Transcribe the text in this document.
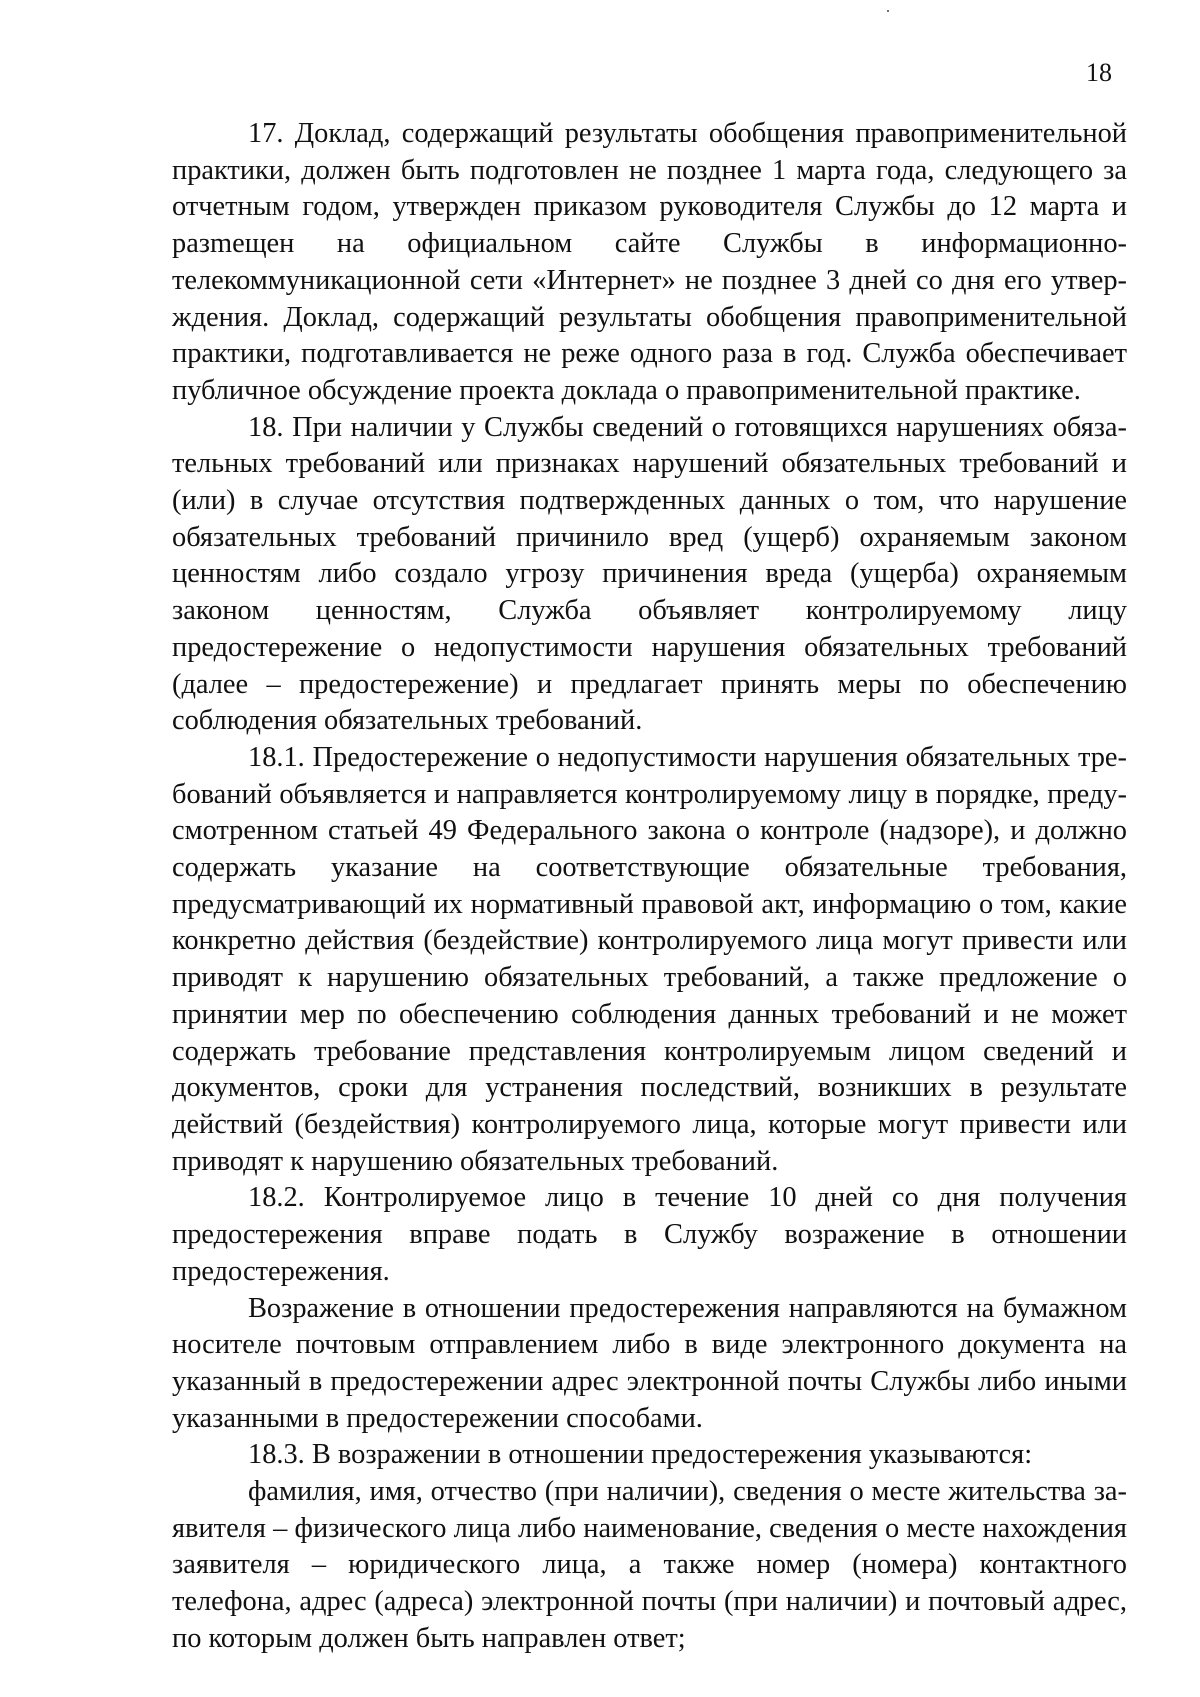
18

17. Доклад, содержащий результаты обобщения правоприменительной практики, должен быть подготовлен не позднее 1 марта года, следующего за отчетным годом, утвержден приказом руководителя Службы до 12 марта и разmещен на официальном сайте Службы в информационно-телекоммуникационной сети «Интернет» не позднее 3 дней со дня его утверждения. Доклад, содержащий результаты обобщения правоприменительной практики, подготавливается не реже одного раза в год. Служба обеспечивает публичное обсуждение проекта доклада о правоприменительной практике.

18. При наличии у Службы сведений о готовящихся нарушениях обязательных требований или признаках нарушений обязательных требований и (или) в случае отсутствия подтвержденных данных о том, что нарушение обязательных требований причинило вред (ущерб) охраняемым законом ценностям либо создало угрозу причинения вреда (ущерба) охраняемым законом ценностям, Служба объявляет контролируемому лицу предостережение о недопустимости нарушения обязательных требований (далее – предостережение) и предлагает принять меры по обеспечению соблюдения обязательных требований.

18.1. Предостережение о недопустимости нарушения обязательных требований объявляется и направляется контролируемому лицу в порядке, предусмотренном статьей 49 Федерального закона о контроле (надзоре), и должно содержать указание на соответствующие обязательные требования, предусматривающий их нормативный правовой акт, информацию о том, какие конкретно действия (бездействие) контролируемого лица могут привести или приводят к нарушению обязательных требований, а также предложение о принятии мер по обеспечению соблюдения данных требований и не может содержать требование представления контролируемым лицом сведений и документов, сроки для устранения последствий, возникших в результате действий (бездействия) контролируемого лица, которые могут привести или приводят к нарушению обязательных требований.

18.2. Контролируемое лицо в течение 10 дней со дня получения предостережения вправе подать в Службу возражение в отношении предостережения.

Возражение в отношении предостережения направляются на бумажном носителе почтовым отправлением либо в виде электронного документа на указанный в предостережении адрес электронной почты Службы либо иными указанными в предостережении способами.

18.3. В возражении в отношении предостережения указываются:

фамилия, имя, отчество (при наличии), сведения о месте жительства заявителя – физического лица либо наименование, сведения о месте нахождения заявителя – юридического лица, а также номер (номера) контактного телефона, адрес (адреса) электронной почты (при наличии) и почтовый адрес, по которым должен быть направлен ответ;
